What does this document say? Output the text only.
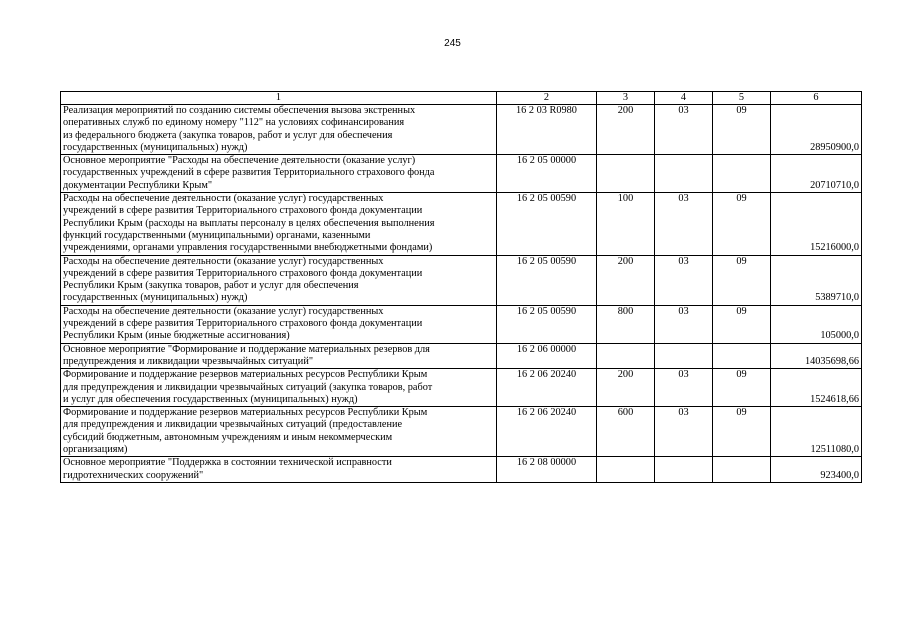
245
1	2	3	4	5	6

Реализация мероприятий по созданию системы обеспечения вызова экстренных
оперативных служб по единому номеру "112" на условиях софинансирования
из федерального бюджета (закупка товаров, работ и услуг для обеспечения
государственных (муниципальных) нужд)	16 2 03 R0980	200	03	09	28950900,0

Основное мероприятие "Расходы на обеспечение деятельности (оказание услуг)
государственных учреждений в сфере развития Территориального страхового фонда
документации Республики Крым"	16 2 05 00000				20710710,0

Расходы на обеспечение деятельности (оказание услуг) государственных
учреждений в сфере развития Территориального страхового фонда документации
Республики Крым (расходы на выплаты персоналу в целях обеспечения выполнения
функций государственными (муниципальными) органами, казенными
учреждениями, органами управления государственными внебюджетными фондами)	16 2 05 00590	100	03	09	15216000,0

Расходы на обеспечение деятельности (оказание услуг) государственных
учреждений в сфере развития Территориального страхового фонда документации
Республики Крым (закупка товаров, работ и услуг для обеспечения
государственных (муниципальных) нужд)	16 2 05 00590	200	03	09	5389710,0

Расходы на обеспечение деятельности (оказание услуг) государственных
учреждений в сфере развития Территориального страхового фонда документации
Республики Крым (иные бюджетные ассигнования)	16 2 05 00590	800	03	09	105000,0

Основное мероприятие "Формирование и поддержание материальных резервов для
предупреждения и ликвидации чрезвычайных ситуаций"	16 2 06 00000				14035698,66

Формирование и поддержание резервов материальных ресурсов Республики Крым
для предупреждения и ликвидации чрезвычайных ситуаций (закупка товаров, работ
и услуг для обеспечения государственных (муниципальных) нужд)	16 2 06 20240	200	03	09	1524618,66

Формирование и поддержание резервов материальных ресурсов Республики Крым
для предупреждения и ликвидации чрезвычайных ситуаций (предоставление
субсидий бюджетным, автономным учреждениям и иным некоммерческим
организациям)	16 2 06 20240	600	03	09	12511080,0

Основное мероприятие "Поддержка в состоянии технической исправности
гидротехнических сооружений"	16 2 08 00000				923400,0
